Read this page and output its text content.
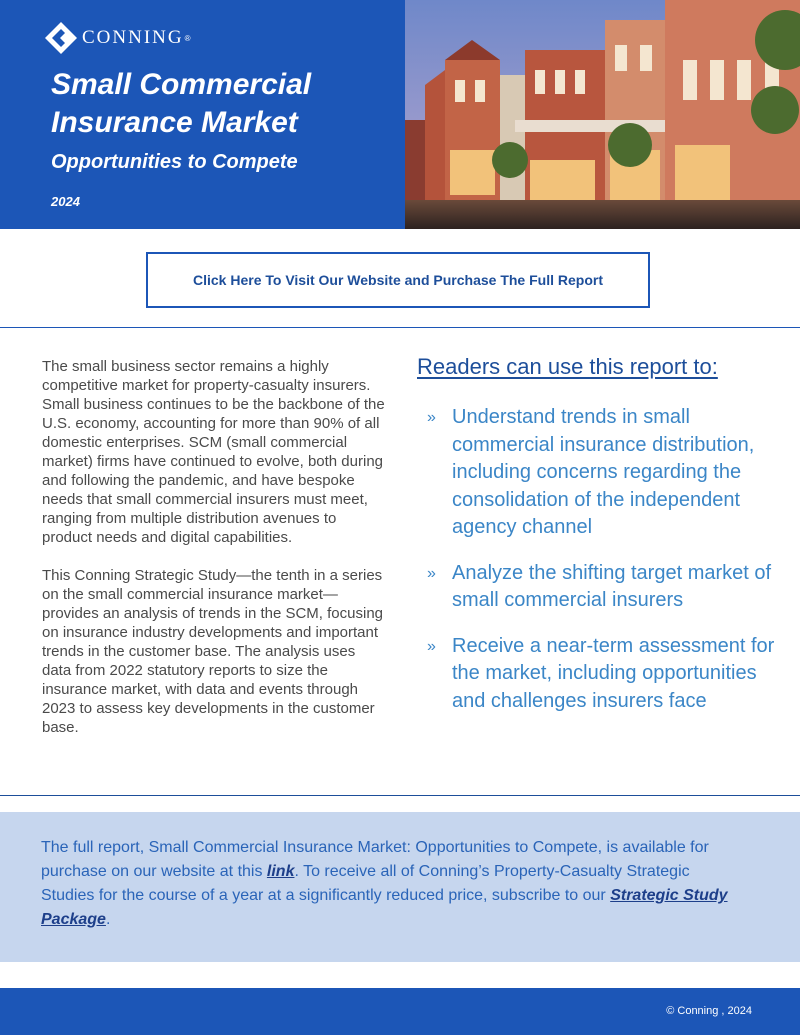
CONNING ®
Small Commercial
Insurance Market
Opportunities to Compete
2024
Click Here To Visit Our Website and Purchase The Full Report

The small business sector remains a highly competitive market for property-casualty insurers. Small business continues to be the backbone of the U.S. economy, accounting for more than 90% of all domestic enterprises. SCM (small commercial market) firms have continued to evolve, both during and following the pandemic, and have bespoke needs that small commercial insurers must meet, ranging from multiple distribution avenues to product needs and digital capabilities.

This Conning Strategic Study—the tenth in a series on the small commercial insurance market—provides an analysis of trends in the SCM, focusing on insurance industry developments and important trends in the customer base. The analysis uses data from 2022 statutory reports to size the insurance market, with data and events through 2023 to assess key developments in the customer base.

Readers can use this report to:
» Understand trends in small commercial insurance distribution, including concerns regarding the consolidation of the independent agency channel
» Analyze the shifting target market of small commercial insurers
» Receive a near-term assessment for the market, including opportunities and challenges insurers face
The full report, Small Commercial Insurance Market: Opportunities to Compete, is available for purchase on our website at this link. To receive all of Conning’s Property-Casualty Strategic Studies for the course of a year at a significantly reduced price, subscribe to our Strategic Study Package.
© Conning , 2024
